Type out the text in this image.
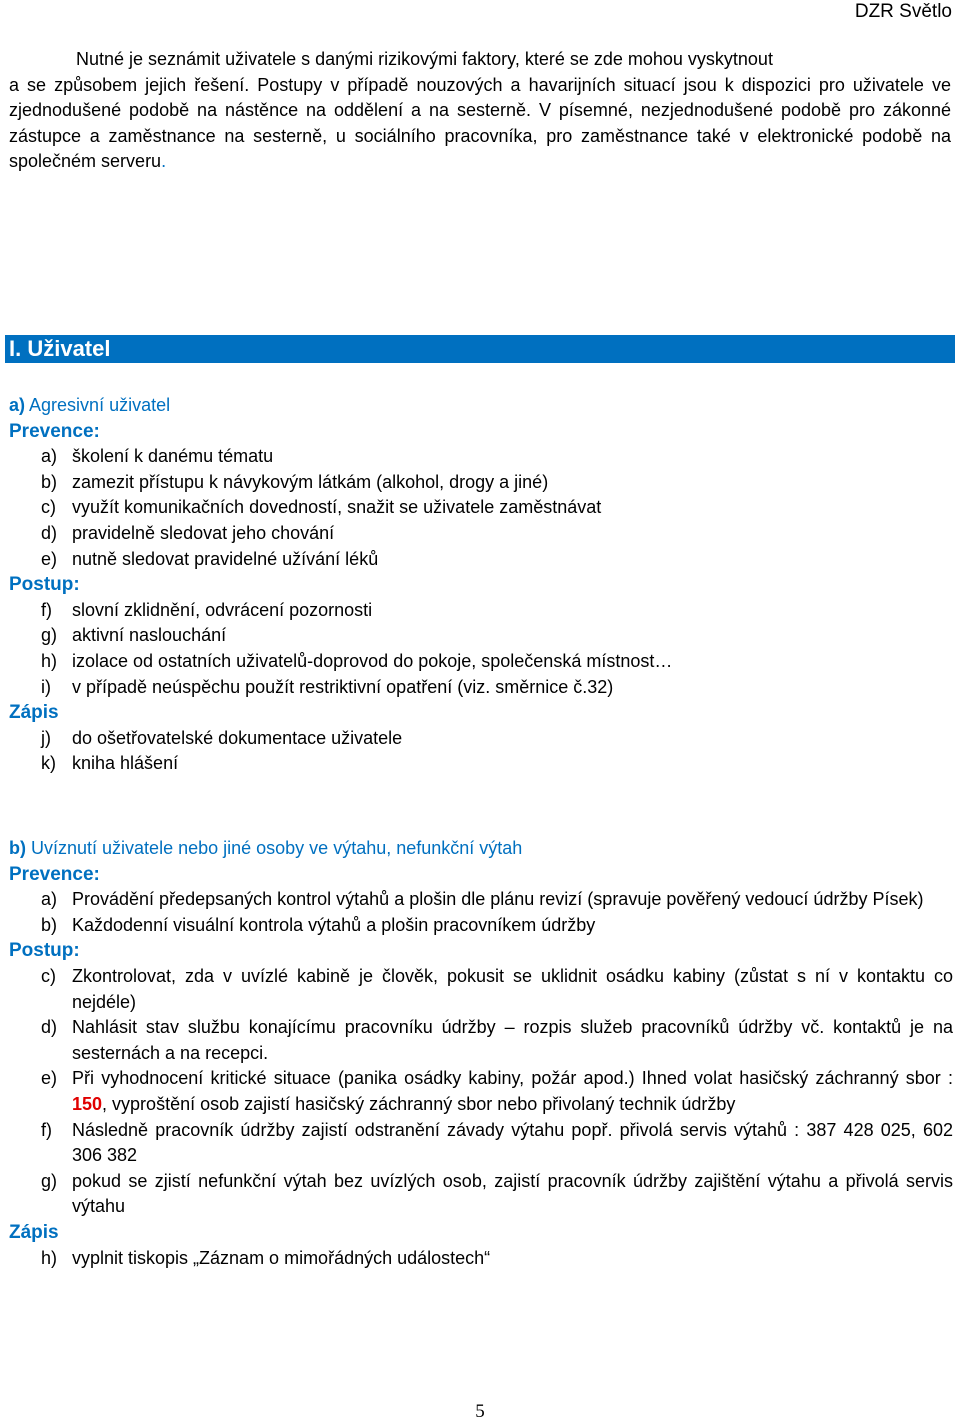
DZR Světlo

Nutné je seznámit uživatele s danými rizikovými faktory, které se zde mohou vyskytnout

a se způsobem jejich řešení. Postupy v případě nouzových a havarijních situací jsou k dispozici pro uživatele ve zjednodušené podobě na nástěnce na oddělení a na sesterně. V písemné, nezjednodušené podobě pro zákonné zástupce a zaměstnance na sesterně, u sociálního pracovníka, pro zaměstnance také v elektronické podobě na společném serveru.

I. Uživatel
a) Agresivní uživatel
Prevence:
a) školení k danému tématu
b) zamezit přístupu k návykovým látkám (alkohol, drogy a jiné)
c) využít komunikačních dovedností, snažit se uživatele zaměstnávat
d) pravidelně sledovat jeho chování
e) nutně sledovat pravidelné užívání léků
Postup:
f)	slovní zklidnění, odvrácení pozornosti
g) aktivní naslouchání
h) izolace od ostatních uživatelů-doprovod do pokoje, společenská místnost…
i)	v případě neúspěchu použít restriktivní opatření (viz. směrnice č.32)
Zápis
j)	do ošetřovatelské dokumentace uživatele
k) kniha hlášení
b) Uvíznutí uživatele nebo jiné osoby ve výtahu, nefunkční výtah
Prevence:
a) Provádění předepsaných kontrol výtahů a plošin dle plánu revizí (spravuje pověřený vedoucí údržby Písek)
b) Každodenní visuální kontrola výtahů a plošin pracovníkem údržby
Postup:
c) Zkontrolovat, zda v uvízlé kabině je člověk, pokusit se uklidnit osádku kabiny (zůstat s ní v kontaktu co nejdéle)
d) Nahlásit stav službu konajícímu pracovníku údržby – rozpis služeb pracovníků údržby vč. kontaktů je na sesternách a na recepci.
e) Při vyhodnocení kritické situace (panika osádky kabiny, požár apod.) Ihned volat hasičský záchranný sbor : 150, vyproštění osob zajistí hasičský záchranný sbor nebo přivolaný technik údržby
f)	Následně pracovník údržby zajistí odstranění závady výtahu popř. přivolá servis výtahů : 387 428 025, 602 306 382
g) pokud se zjistí nefunkční výtah bez uvízlých osob, zajistí pracovník údržby zajištění výtahu a přivolá servis výtahu
Zápis
h) vyplnit tiskopis „Záznam o mimořádných událostech“
5
